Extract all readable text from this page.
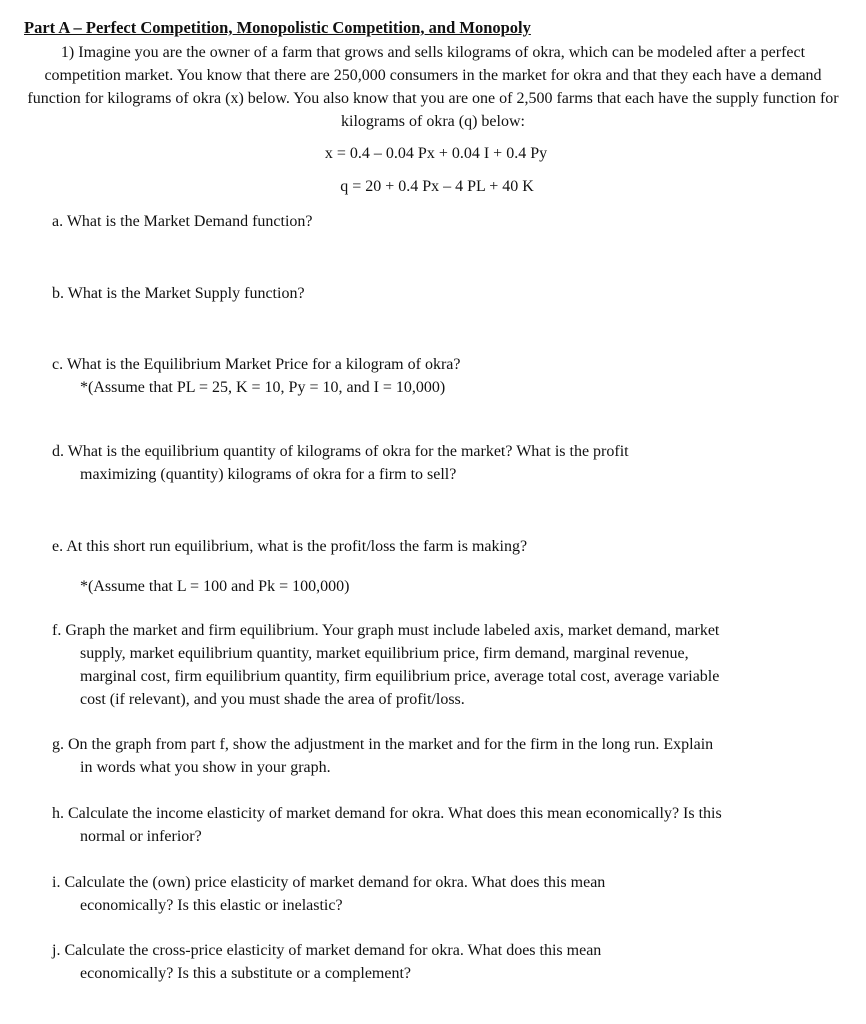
Part A – Perfect Competition, Monopolistic Competition, and Monopoly
1) Imagine you are the owner of a farm that grows and sells kilograms of okra, which can be modeled after a perfect competition market. You know that there are 250,000 consumers in the market for okra and that they each have a demand function for kilograms of okra (x) below. You also know that you are one of 2,500 farms that each have the supply function for kilograms of okra (q) below:
x = 0.4 – 0.04 Px + 0.04 I + 0.4 Py
q = 20 + 0.4 Px – 4 PL + 40 K
a. What is the Market Demand function?
b. What is the Market Supply function?
c. What is the Equilibrium Market Price for a kilogram of okra?
*(Assume that PL = 25, K = 10, Py = 10, and I = 10,000)
d. What is the equilibrium quantity of kilograms of okra for the market? What is the profit
maximizing (quantity) kilograms of okra for a firm to sell?
e. At this short run equilibrium, what is the profit/loss the farm is making?
*(Assume that L = 100 and Pk = 100,000)
f. Graph the market and firm equilibrium. Your graph must include labeled axis, market demand, market
supply, market equilibrium quantity, market equilibrium price, firm demand, marginal revenue,
marginal cost, firm equilibrium quantity, firm equilibrium price, average total cost, average variable
cost (if relevant), and you must shade the area of profit/loss.
g. On the graph from part f, show the adjustment in the market and for the firm in the long run. Explain
in words what you show in your graph.
h. Calculate the income elasticity of market demand for okra. What does this mean economically? Is this
normal or inferior?
i. Calculate the (own) price elasticity of market demand for okra. What does this mean
economically? Is this elastic or inelastic?
j. Calculate the cross-price elasticity of market demand for okra. What does this mean
economically? Is this a substitute or a complement?
